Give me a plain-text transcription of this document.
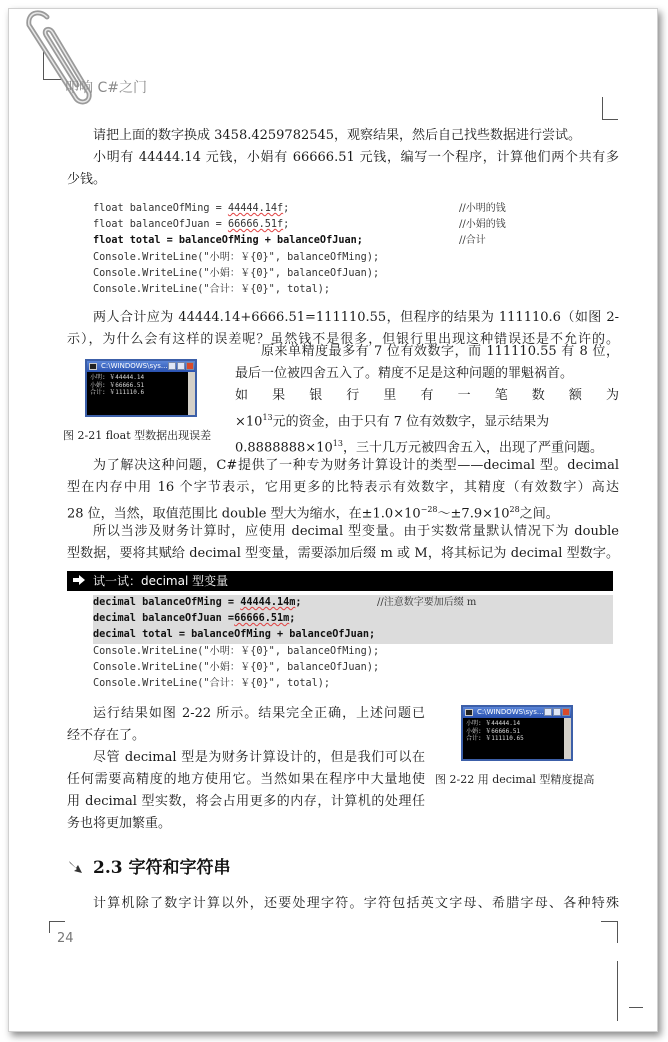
叩响 C#之门
请把上面的数字换成 3458.4259782545，观察结果，然后自己找些数据进行尝试。
小明有 44444.14 元钱，小娟有 66666.51 元钱，编写一个程序，计算他们两个共有多
少钱。
float balanceOfMing = 44444.14f;	//小明的钱
float balanceOfJuan = 66666.51f;	//小娟的钱
float total = balanceOfMing + balanceOfJuan;	//合计
Console.WriteLine("小明：￥{0}", balanceOfMing);
Console.WriteLine("小娟：￥{0}", balanceOfJuan);
Console.WriteLine("合计：￥{0}", total);
两人合计应为 44444.14+6666.51=111110.55，但程序的结果为 111110.6（如图 2-
示），为什么会有这样的误差呢？虽然钱不是很多，但银行里出现这种错误还是不允许的。
C:\WINDOWS\sys...
小明: ￥44444.14
小娟: ￥66666.51
合计: ￥111110.6
图 2-21 float 型数据出现误差
原来单精度最多有 7 位有效数字，而 111110.55 有 8 位，
最后一位被四舍五入了。精度不足是这种问题的罪魁祸首。
如果银行里有一笔数额为
$\times 10^{13}$元的资金，由于只有 7 位有效数字，显示结果为
$0.8888888\times 10^{13}$，三十几万元被四舍五入，出现了严重问题。
为了解决这种问题，C#提供了一种专为财务计算设计的类型——decimal 型。decimal
型在内存中用 16 个字节表示，它用更多的比特表示有效数字，其精度（有效数字）高达
28 位，当然，取值范围比 double 型大为缩水，在$\pm 1.0\times 10^{-28}\sim\pm 7.9\times 10^{28}$之间。
所以当涉及财务计算时，应使用 decimal 型变量。由于实数常量默认情况下为 double
型数据，要将其赋给 decimal 型变量，需要添加后缀 m 或 M，将其标记为 decimal 型数字。
试一试：decimal 型变量
decimal balanceOfMing = 44444.14m;	//注意数字要加后缀 m
decimal balanceOfJuan =66666.51m;
decimal total = balanceOfMing + balanceOfJuan;
Console.WriteLine("小明：￥{0}", balanceOfMing);
Console.WriteLine("小娟：￥{0}", balanceOfJuan);
Console.WriteLine("合计：￥{0}", total);
运行结果如图 2-22 所示。结果完全正确，上述问题已
经不存在了。
尽管 decimal 型是为财务计算设计的，但是我们可以在
任何需要高精度的地方使用它。当然如果在程序中大量地使
用 decimal 型实数，将会占用更多的内存，计算机的处理任
务也将更加繁重。
C:\WINDOWS\sys...
小明: ￥44444.14
小娟: ￥66666.51
合计: ￥111110.65
图 2-22 用 decimal 型精度提高
2.3 字符和字符串
计算机除了数字计算以外，还要处理字符。字符包括英文字母、希腊字母、各种特殊
24
